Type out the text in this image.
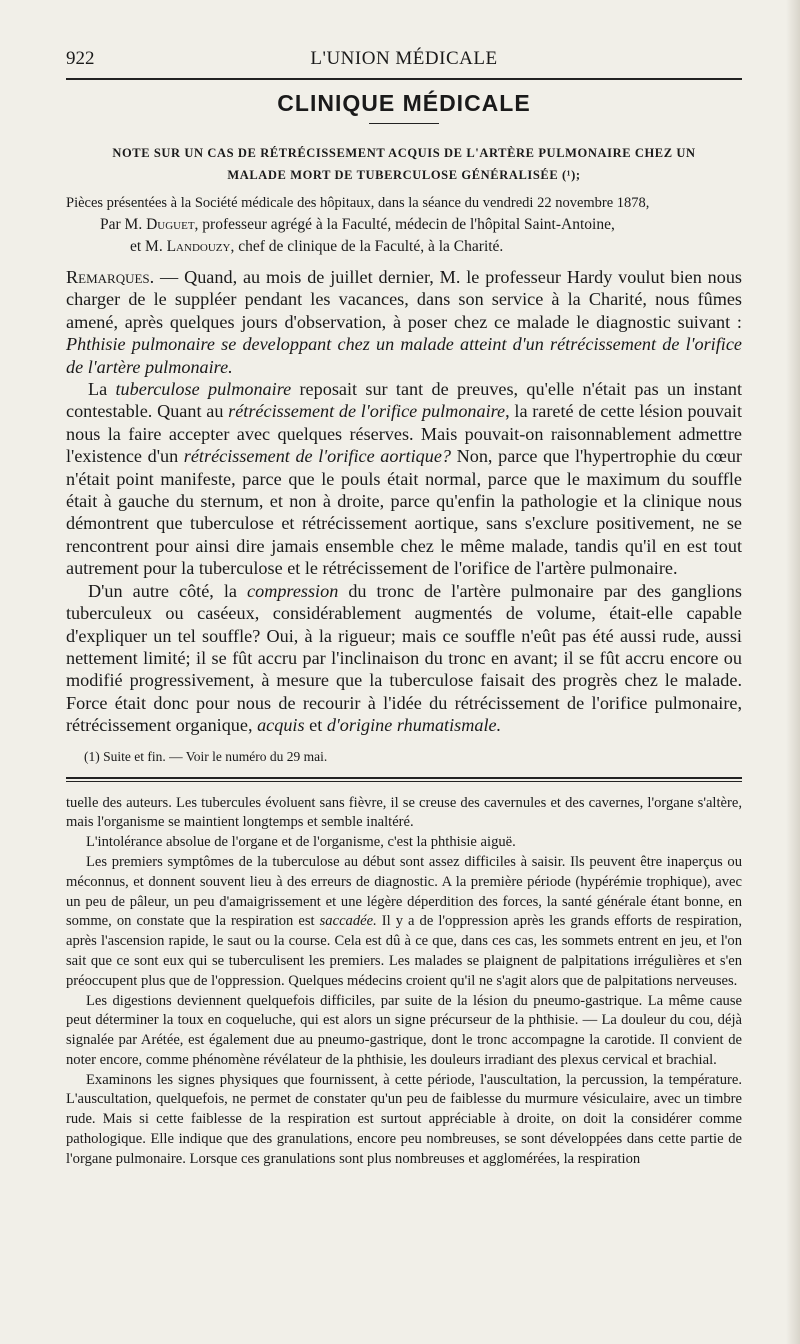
922	L'UNION MÉDICALE
CLINIQUE MÉDICALE
NOTE SUR UN CAS DE RÉTRÉCISSEMENT ACQUIS DE L'ARTÈRE PULMONAIRE CHEZ UN
MALADE MORT DE TUBERCULOSE GÉNÉRALISÉE (¹);
Pièces présentées à la Société médicale des hôpitaux, dans la séance du vendredi 22 novembre 1878,
Par M. Duguet, professeur agrégé à la Faculté, médecin de l'hôpital Saint-Antoine,
et M. Landouzy, chef de clinique de la Faculté, à la Charité.

Remarques. — Quand, au mois de juillet dernier, M. le professeur Hardy voulut bien nous charger de le suppléer pendant les vacances, dans son service à la Charité, nous fûmes amené, après quelques jours d'observation, à poser chez ce malade le diagnostic suivant : Phthisie pulmonaire se developpant chez un malade atteint d'un rétrécissement de l'orifice de l'artère pulmonaire.

La tuberculose pulmonaire reposait sur tant de preuves, qu'elle n'était pas un instant contestable. Quant au rétrécissement de l'orifice pulmonaire, la rareté de cette lésion pouvait nous la faire accepter avec quelques réserves. Mais pouvait-on raisonnablement admettre l'existence d'un rétrécissement de l'orifice aortique? Non, parce que l'hypertrophie du cœur n'était point manifeste, parce que le pouls était normal, parce que le maximum du souffle était à gauche du sternum, et non à droite, parce qu'enfin la pathologie et la clinique nous démontrent que tuberculose et rétrécissement aortique, sans s'exclure positivement, ne se rencontrent pour ainsi dire jamais ensemble chez le même malade, tandis qu'il en est tout autrement pour la tuberculose et le rétrécissement de l'orifice de l'artère pulmonaire.

D'un autre côté, la compression du tronc de l'artère pulmonaire par des ganglions tuberculeux ou caséeux, considérablement augmentés de volume, était-elle capable d'expliquer un tel souffle? Oui, à la rigueur; mais ce souffle n'eût pas été aussi rude, aussi nettement limité; il se fût accru par l'inclinaison du tronc en avant; il se fût accru encore ou modifié progressivement, à mesure que la tuberculose faisait des progrès chez le malade. Force était donc pour nous de recourir à l'idée du rétrécissement de l'orifice pulmonaire, rétrécissement organique, acquis et d'origine rhumatismale.

(1) Suite et fin. — Voir le numéro du 29 mai.

tuelle des auteurs. Les tubercules évoluent sans fièvre, il se creuse des cavernules et des cavernes, l'organe s'altère, mais l'organisme se maintient longtemps et semble inaltéré.

L'intolérance absolue de l'organe et de l'organisme, c'est la phthisie aiguë.

Les premiers symptômes de la tuberculose au début sont assez difficiles à saisir. Ils peuvent être inaperçus ou méconnus, et donnent souvent lieu à des erreurs de diagnostic. A la première période (hypérémie trophique), avec un peu de pâleur, un peu d'amaigrissement et une légère déperdition des forces, la santé générale étant bonne, en somme, on constate que la respiration est saccadée. Il y a de l'oppression après les grands efforts de respiration, après l'ascension rapide, le saut ou la course. Cela est dû à ce que, dans ces cas, les sommets entrent en jeu, et l'on sait que ce sont eux qui se tuberculisent les premiers. Les malades se plaignent de palpitations irrégulières et s'en préoccupent plus que de l'oppression. Quelques médecins croient qu'il ne s'agit alors que de palpitations nerveuses.

Les digestions deviennent quelquefois difficiles, par suite de la lésion du pneumo-gastrique. La même cause peut déterminer la toux en coqueluche, qui est alors un signe précurseur de la phthisie. — La douleur du cou, déjà signalée par Arétée, est également due au pneumo-gastrique, dont le tronc accompagne la carotide. Il convient de noter encore, comme phénomène révélateur de la phthisie, les douleurs irradiant des plexus cervical et brachial.

Examinons les signes physiques que fournissent, à cette période, l'auscultation, la percussion, la température. L'auscultation, quelquefois, ne permet de constater qu'un peu de faiblesse du murmure vésiculaire, avec un timbre rude. Mais si cette faiblesse de la respiration est surtout appréciable à droite, on doit la considérer comme pathologique. Elle indique que des granulations, encore peu nombreuses, se sont développées dans cette partie de l'organe pulmonaire. Lorsque ces granulations sont plus nombreuses et agglomérées, la respiration
